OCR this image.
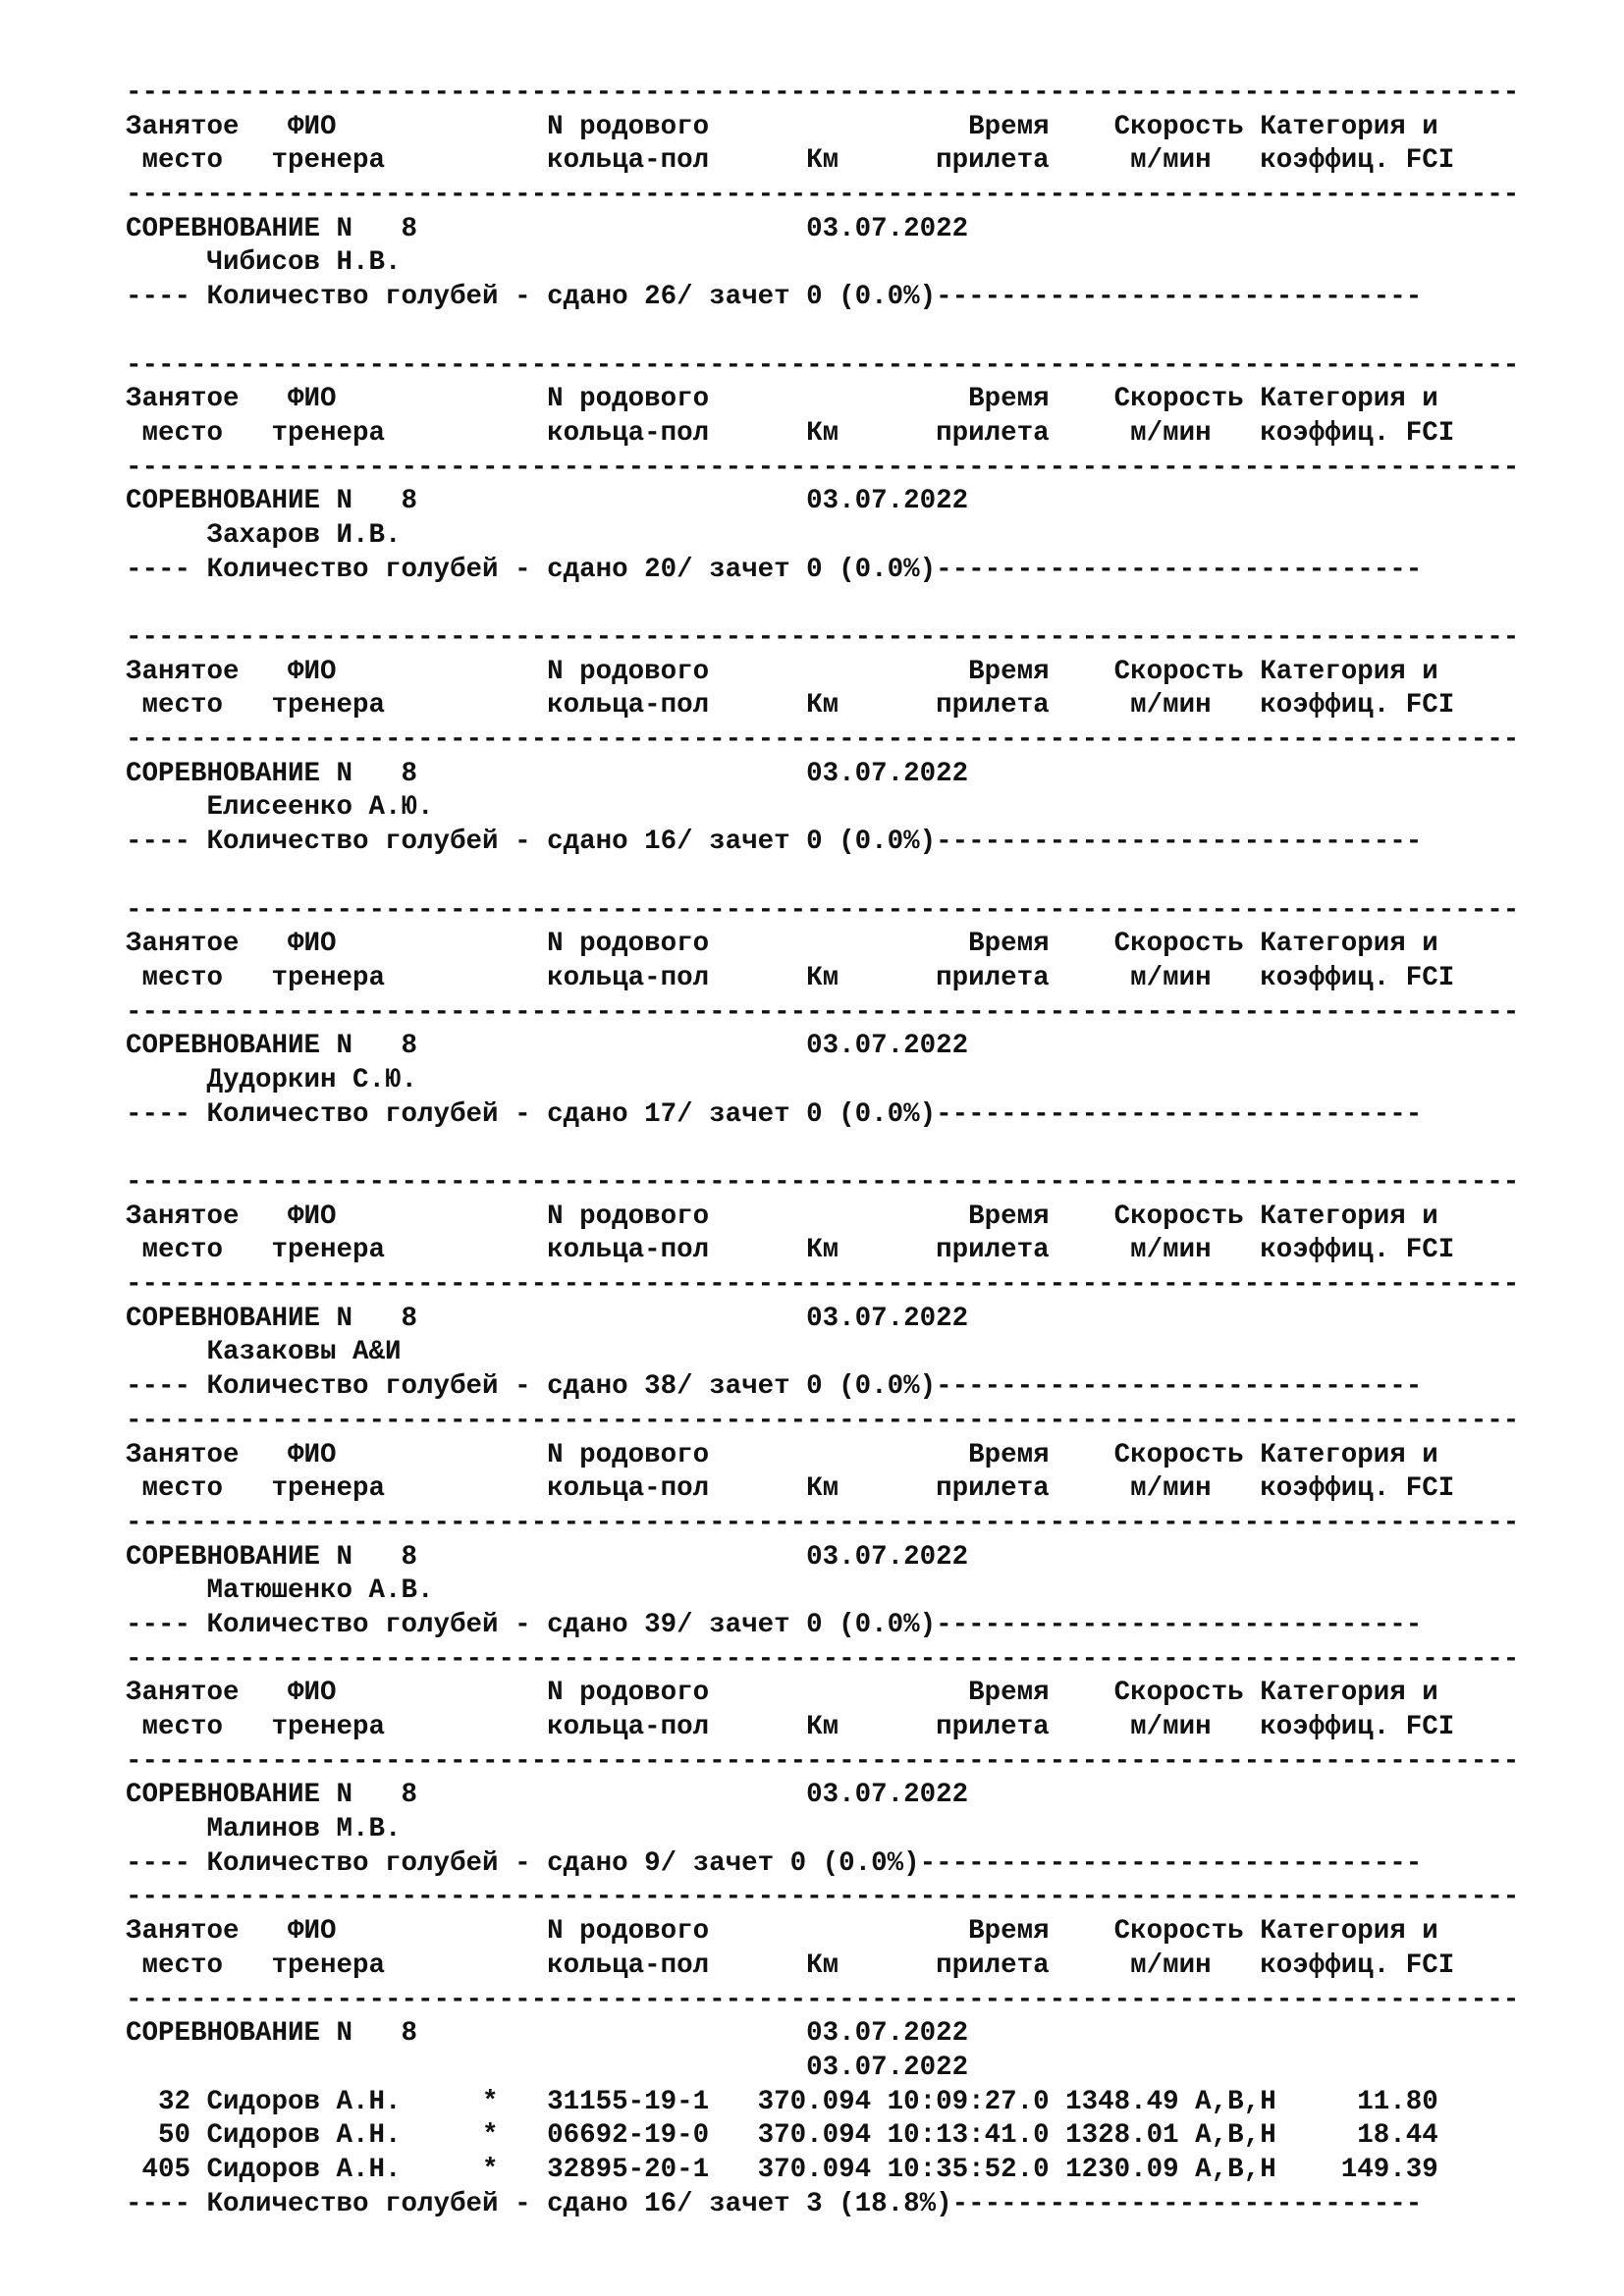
--------------------------------------------------------------------------------------
Занятое   ФИО             N родового                Время    Скорость Категория и
место   тренера          кольца-пол      Км      прилета     м/мин   коэффиц. FCI
--------------------------------------------------------------------------------------
СОРЕВНОВАНИЕ N   8                        03.07.2022
Чибисов Н.В.
---- Количество голубей - сдано 26/ зачет 0 (0.0%)------------------------------
--------------------------------------------------------------------------------------
Занятое   ФИО             N родового                Время    Скорость Категория и
место   тренера          кольца-пол      Км      прилета     м/мин   коэффиц. FCI
--------------------------------------------------------------------------------------
СОРЕВНОВАНИЕ N   8                        03.07.2022
Захаров И.В.
---- Количество голубей - сдано 20/ зачет 0 (0.0%)------------------------------
--------------------------------------------------------------------------------------
Занятое   ФИО             N родового                Время    Скорость Категория и
место   тренера          кольца-пол      Км      прилета     м/мин   коэффиц. FCI
--------------------------------------------------------------------------------------
СОРЕВНОВАНИЕ N   8                        03.07.2022
Елисеенко А.Ю.
---- Количество голубей - сдано 16/ зачет 0 (0.0%)------------------------------
--------------------------------------------------------------------------------------
Занятое   ФИО             N родового                Время    Скорость Категория и
место   тренера          кольца-пол      Км      прилета     м/мин   коэффиц. FCI
--------------------------------------------------------------------------------------
СОРЕВНОВАНИЕ N   8                        03.07.2022
Дудоркин С.Ю.
---- Количество голубей - сдано 17/ зачет 0 (0.0%)------------------------------
--------------------------------------------------------------------------------------
Занятое   ФИО             N родового                Время    Скорость Категория и
место   тренера          кольца-пол      Км      прилета     м/мин   коэффиц. FCI
--------------------------------------------------------------------------------------
СОРЕВНОВАНИЕ N   8                        03.07.2022
Казаковы А&И
---- Количество голубей - сдано 38/ зачет 0 (0.0%)------------------------------
--------------------------------------------------------------------------------------
Занятое   ФИО             N родового                Время    Скорость Категория и
место   тренера          кольца-пол      Км      прилета     м/мин   коэффиц. FCI
--------------------------------------------------------------------------------------
СОРЕВНОВАНИЕ N   8                        03.07.2022
Матюшенко А.В.
---- Количество голубей - сдано 39/ зачет 0 (0.0%)------------------------------
--------------------------------------------------------------------------------------
Занятое   ФИО             N родового                Время    Скорость Категория и
место   тренера          кольца-пол      Км      прилета     м/мин   коэффиц. FCI
--------------------------------------------------------------------------------------
СОРЕВНОВАНИЕ N   8                        03.07.2022
Малинов М.В.
---- Количество голубей - сдано 9/ зачет 0 (0.0%)-------------------------------
--------------------------------------------------------------------------------------
Занятое   ФИО             N родового                Время    Скорость Категория и
место   тренера          кольца-пол      Км      прилета     м/мин   коэффиц. FCI
--------------------------------------------------------------------------------------
СОРЕВНОВАНИЕ N   8                        03.07.2022
03.07.2022
32 Сидоров А.Н.     *   31155-19-1   370.094 10:09:27.0 1348.49 А,В,Н     11.80
50 Сидоров А.Н.     *   06692-19-0   370.094 10:13:41.0 1328.01 А,В,Н     18.44
405 Сидоров А.Н.     *   32895-20-1   370.094 10:35:52.0 1230.09 А,В,Н    149.39
---- Количество голубей - сдано 16/ зачет 3 (18.8%)-----------------------------
